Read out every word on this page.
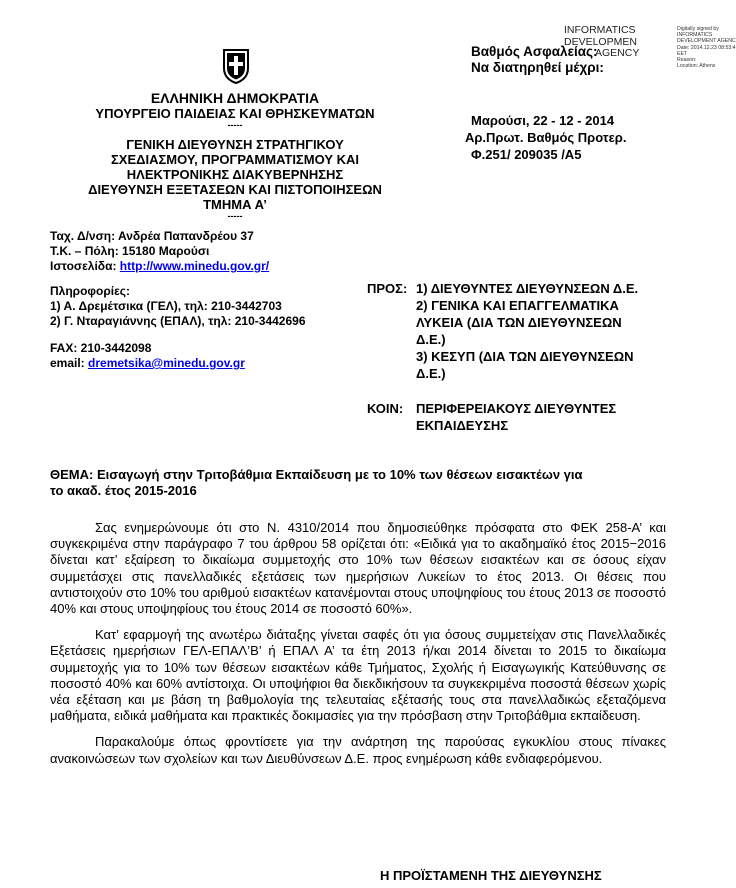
ΕΛΛΗΝΙΚΗ ΔΗΜΟΚΡΑΤΙΑ
ΥΠΟΥΡΓΕΙΟ ΠΑΙΔΕΙΑΣ ΚΑΙ ΘΡΗΣΚΕΥΜΑΤΩΝ
-----
ΓΕΝΙΚΗ ΔΙΕΥΘΥΝΣΗ ΣΤΡΑΤΗΓΙΚΟΥ
ΣΧΕΔΙΑΣΜΟΥ, ΠΡΟΓΡΑΜΜΑΤΙΣΜΟΥ ΚΑΙ
ΗΛΕΚΤΡΟΝΙΚΗΣ ΔΙΑΚΥΒΕΡΝΗΣΗΣ
ΔΙΕΥΘΥΝΣΗ ΕΞΕΤΑΣΕΩΝ ΚΑΙ ΠΙΣΤΟΠΟΙΗΣΕΩΝ
ΤΜΗΜΑ Α’
-----
Ταχ. Δ/νση: Ανδρέα Παπανδρέου 37
Τ.Κ. – Πόλη: 15180 Μαρούσι
Ιστοσελίδα: http://www.minedu.gov.gr/
Πληροφορίες:
1) Α. Δρεμέτσικα (ΓΕΛ), τηλ: 210-3442703
2) Γ. Νταραγιάννης (ΕΠΑΛ), τηλ: 210-3442696
FAX: 210-3442098
email: dremetsika@minedu.gov.gr
INFORMATICS
DEVELOPMEN
AGENCY
Digitally signed by
INFORMATICS
DEVELOPMENT AGENC
Date: 2014.12.23 08:53:4
EET
Reason:
Location: Athens
Βαθμός Ασφαλείας:
Να διατηρηθεί μέχρι:
Μαρούσι, 22 - 12 - 2014
Αρ.Πρωτ. Βαθμός Προτερ.
Φ.251/ 209035 /Α5
ΠΡΟΣ: 1) ΔΙΕΥΘΥΝΤΕΣ ΔΙΕΥΘΥΝΣΕΩΝ Δ.Ε.
2) ΓΕΝΙΚΑ ΚΑΙ ΕΠΑΓΓΕΛΜΑΤΙΚΑ
ΛΥΚΕΙΑ (ΔΙΑ ΤΩΝ ΔΙΕΥΘΥΝΣΕΩΝ
Δ.Ε.)
3) ΚΕΣΥΠ (ΔΙΑ ΤΩΝ ΔΙΕΥΘΥΝΣΕΩΝ
Δ.Ε.)
ΚΟΙΝ: ΠΕΡΙΦΕΡΕΙΑΚΟΥΣ ΔΙΕΥΘΥΝΤΕΣ
ΕΚΠΑΙΔΕΥΣΗΣ
ΘΕΜΑ: Εισαγωγή στην Τριτοβάθμια Εκπαίδευση με το 10% των θέσεων εισακτέων για
το ακαδ. έτος 2015-2016

Σας ενημερώνουμε ότι στο Ν. 4310/2014 που δημοσιεύθηκε πρόσφατα στο ΦΕΚ 258-Α’ και συγκεκριμένα στην παράγραφο 7 του άρθρου 58 ορίζεται ότι: «Ειδικά για το ακαδημαϊκό έτος 2015−2016 δίνεται κατ’ εξαίρεση το δικαίωμα συμμετοχής στο 10% των θέσεων εισακτέων και σε όσους είχαν συμμετάσχει στις πανελλαδικές εξετάσεις των ημερήσιων Λυκείων το έτος 2013. Οι θέσεις που αντιστοιχούν στο 10% του αριθμού εισακτέων κατανέμονται στους υποψηφίους του έτους 2013 σε ποσοστό 40% και στους υποψηφίους του έτους 2014 σε ποσοστό 60%».

Κατ’ εφαρμογή της ανωτέρω διάταξης γίνεται σαφές ότι για όσους συμμετείχαν στις Πανελλαδικές Εξετάσεις ημερήσιων ΓΕΛ-ΕΠΑΛ’Β’ ή ΕΠΑΛ Α’ τα έτη 2013 ή/και 2014 δίνεται το 2015 το δικαίωμα συμμετοχής για το 10% των θέσεων εισακτέων κάθε Τμήματος, Σχολής ή Εισαγωγικής Κατεύθυνσης σε ποσοστό 40% και 60% αντίστοιχα. Οι υποψήφιοι θα διεκδικήσουν τα συγκεκριμένα ποσοστά θέσεων χωρίς νέα εξέταση και με βάση τη βαθμολογία της τελευταίας εξέτασής τους στα πανελλαδικώς εξεταζόμενα μαθήματα, ειδικά μαθήματα και πρακτικές δοκιμασίες για την πρόσβαση στην Τριτοβάθμια εκπαίδευση.

Παρακαλούμε όπως φροντίσετε για την ανάρτηση της παρούσας εγκυκλίου στους πίνακες ανακοινώσεων των σχολείων και των Διευθύνσεων Δ.Ε. προς ενημέρωση κάθε ενδιαφερόμενου.

Η ΠΡΟΪΣΤΑΜΕΝΗ ΤΗΣ ΔΙΕΥΘΥΝΣΗΣ
